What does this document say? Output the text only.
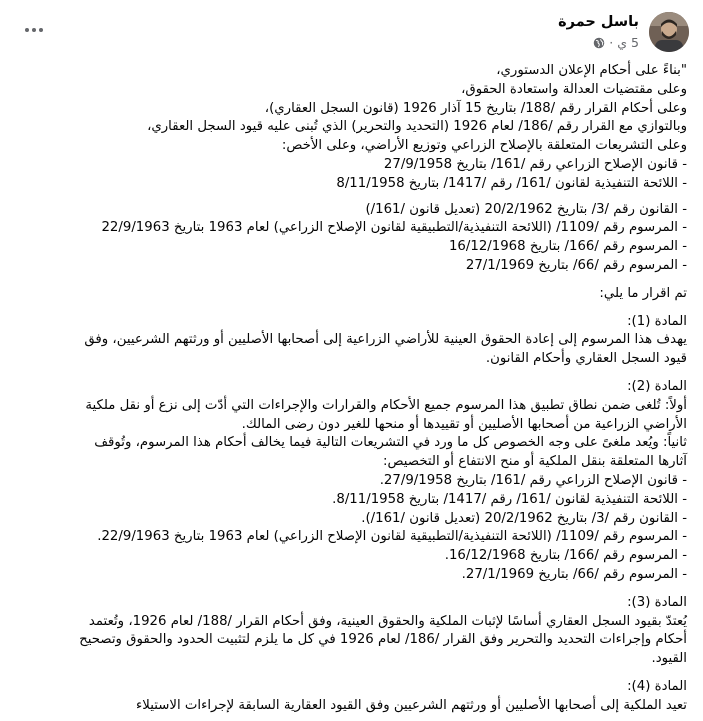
باسل حمرة
5 ي
·
"بناءً على أحكام الإعلان الدستوري،
وعلى مقتضيات العدالة واستعادة الحقوق،
وعلى أحكام القرار رقم /188/ بتاريخ 15 آذار 1926 (قانون السجل العقاري)،
وبالتوازي مع القرار رقم /186/ لعام 1926 (التحديد والتحرير) الذي تُبنى عليه قيود السجل العقاري،
وعلى التشريعات المتعلقة بالإصلاح الزراعي وتوزيع الأراضي، وعلى الأخص:
- قانون الإصلاح الزراعي رقم /161/ بتاريخ 27/9/1958
- اللائحة التنفيذية لقانون /161/ رقم /1417/ بتاريخ 8/11/1958
- القانون رقم /3/ بتاريخ 20/2/1962 (تعديل قانون /161/)
- المرسوم رقم /1109/ (اللائحة التنفيذية/التطبيقية لقانون الإصلاح الزراعي) لعام 1963 بتاريخ 22/9/1963
- المرسوم رقم /166/ بتاريخ 16/12/1968
- المرسوم رقم /66/ بتاريخ 27/1/1969
تم اقرار ما يلي:
المادة (1):
يهدف هذا المرسوم إلى إعادة الحقوق العينية للأراضي الزراعية إلى أصحابها الأصليين أو ورثتهم الشرعيين، وفق
قيود السجل العقاري وأحكام القانون.
المادة (2):
أولاً: تُلغى ضمن نطاق تطبيق هذا المرسوم جميع الأحكام والقرارات والإجراءات التي أدّت إلى نزع أو نقل ملكية
الأراضي الزراعية من أصحابها الأصليين أو تقييدها أو منحها للغير دون رضى المالك.
ثانياً: ويُعد ملغىً على وجه الخصوص كل ما ورد في التشريعات التالية فيما يخالف أحكام هذا المرسوم، وتُوقف
آثارها المتعلقة بنقل الملكية أو منح الانتفاع أو التخصيص:
- قانون الإصلاح الزراعي رقم /161/ بتاريخ 27/9/1958.
- اللائحة التنفيذية لقانون /161/ رقم /1417/ بتاريخ 8/11/1958.
- القانون رقم /3/ بتاريخ 20/2/1962 (تعديل قانون /161/).
- المرسوم رقم /1109/ (اللائحة التنفيذية/التطبيقية لقانون الإصلاح الزراعي) لعام 1963 بتاريخ 22/9/1963.
- المرسوم رقم /166/ بتاريخ 16/12/1968.
- المرسوم رقم /66/ بتاريخ 27/1/1969.
المادة (3):
يُعتدّ بقيود السجل العقاري أساسًا لإثبات الملكية والحقوق العينية، وفق أحكام القرار /188/ لعام 1926، وتُعتمد
أحكام وإجراءات التحديد والتحرير وفق القرار /186/ لعام 1926 في كل ما يلزم لتثبيت الحدود والحقوق وتصحيح
القيود.
المادة (4):
تعيد الملكية إلى أصحابها الأصليين أو ورثتهم الشرعيين وفق القيود العقارية السابقة لإجراءات الاستيلاء
